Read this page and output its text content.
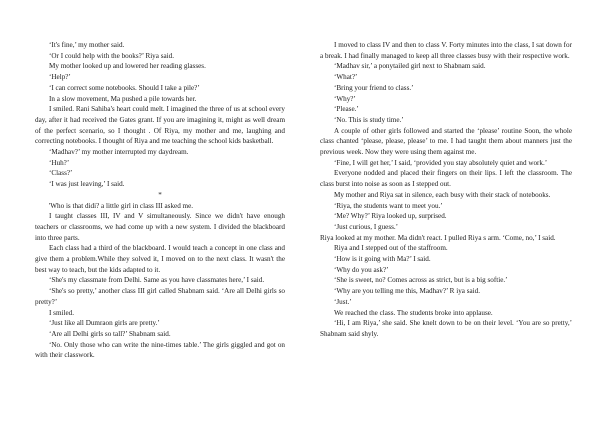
‘It's fine,’ my mother said.

‘Or I could help with the books?’ Riya said.

My mother looked up and lowered her reading glasses.

‘Help?’

‘I can correct some notebooks. Should I take a pile?’

In a slow movement, Ma pushed a pile towards her.

I smiled. Rani Sahiba's heart could melt. I imagined the three of us at school every day, after it had received the Gates grant. If you are imagining it, might as well dream of the perfect scenario, so I thought . Of Riya, my mother and me, laughing and correcting notebooks. I thought of Riya and me teaching the school kids basketball.

‘Madhav?’ my mother interrupted my daydream.

‘Huh?’

‘Class?’

‘I was just leaving,’ I said.

*

'Who is that didi? a little girl in class III asked me.

I taught classes III, IV and V simultaneously. Since we didn't have enough teachers or classrooms, we had come up with a new system. I divided the blackboard into three parts.

Each class had a third of the blackboard. I would teach a concept in one class and give them a problem.While they solved it, I moved on to the next class. It wasn't the best way to teach, but the kids adapted to it.

‘She's my classmate from Delhi. Same as you have classmates here,’ I said.

‘She's so pretty,’ another class III girl called Shabnam said. ‘Are all Delhi girls so pretty?’

I smiled.

‘Just like all Dumraon girls are pretty.’

‘Are all Delhi girls so tall?’ Shabnam said.

‘No. Only those who can write the nine-times table.’ The girls giggled and got on with their classwork.

I moved to class IV and then to class V. Forty minutes into the class, I sat down for a break. I had finally managed to keep all three classes busy with their respective work.

‘Madhav sir,’ a ponytailed girl next to Shabnam said.

‘What?’

‘Bring your friend to class.’

‘Why?’

‘Please.’

‘No. This is study time.’

A couple of other girls followed and started the ‘please’ routine Soon, the whole class chanted ‘please, please, please’ to me. I had taught them about manners just the previous week. Now they were using them against me.

‘Fine, I will get her,’ I said, ‘provided you stay absolutely quiet and work.’

Everyone nodded and placed their fingers on their lips. I left the classroom. The class burst into noise as soon as I stepped out.

My mother and Riya sat in silence, each busy with their stack of notebooks.

‘Riya, the students want to meet you.’

‘Me? Why?’ Riya looked up, surprised.

‘Just curious, I guess.’

Riya looked at my mother. Ma didn't react. I pulled Riya s arm. ‘Come, no,’ I said.

Riya and I stepped out of the staffroom.

‘How is it going with Ma?’ I said.

‘Why do you ask?’

‘She is sweet, no? Comes across as strict, but is a big softie.’

‘Why are you telling me this, Madhav?’ R iya said.

‘Just.’

We reached the class. The students broke into applause.

‘Hi, I am Riya,’ she said. She knelt down to be on their level. ‘You are so pretty,’ Shabnam said shyly.
